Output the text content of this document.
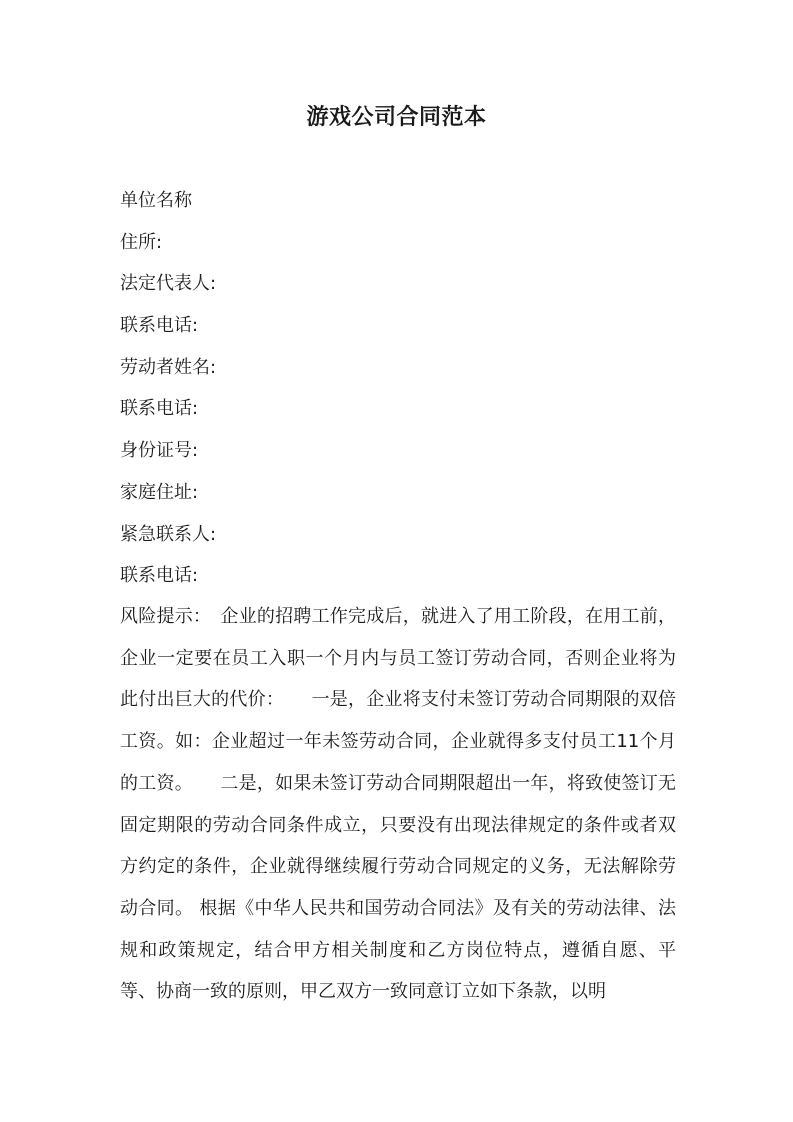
游戏公司合同范本
单位名称
住所:
法定代表人:
联系电话:
劳动者姓名:
联系电话:
身份证号:
家庭住址:
紧急联系人:
联系电话:

风险提示：　企业的招聘工作完成后，就进入了用工阶段，在用工前，企业一定要在员工入职一个月内与员工签订劳动合同，否则企业将为此付出巨大的代价：　　一是，企业将支付未签订劳动合同期限的双倍工资。如：企业超过一年未签劳动合同，企业就得多支付员工11个月的工资。　　二是，如果未签订劳动合同期限超出一年，将致使签订无固定期限的劳动合同条件成立，只要没有出现法律规定的条件或者双方约定的条件，企业就得继续履行劳动合同规定的义务，无法解除劳动合同。 根据《中华人民共和国劳动合同法》及有关的劳动法律、法规和政策规定，结合甲方相关制度和乙方岗位特点，遵循自愿、平等、协商一致的原则，甲乙双方一致同意订立如下条款，以明
